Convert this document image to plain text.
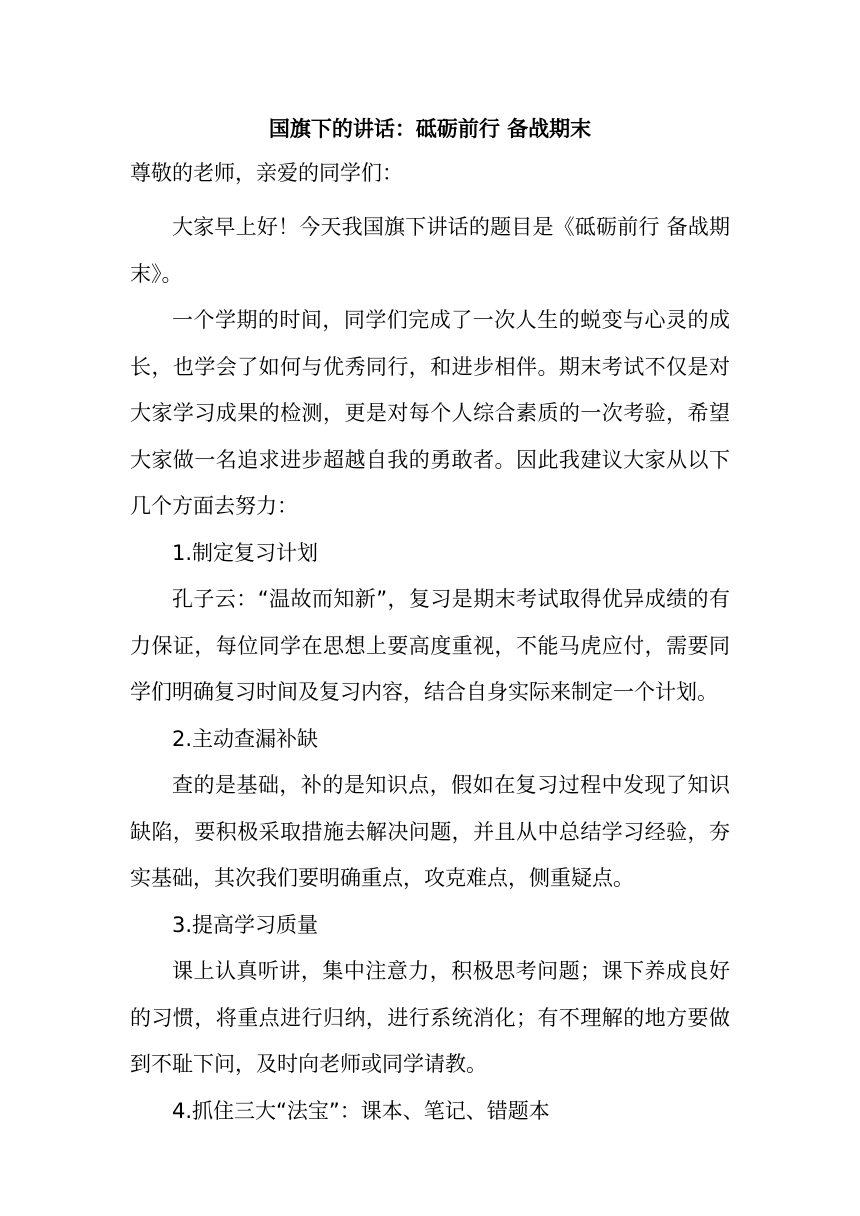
国旗下的讲话：砥砺前行 备战期末
尊敬的老师，亲爱的同学们：

大家早上好！今天我国旗下讲话的题目是《砥砺前行 备战期末》。

一个学期的时间，同学们完成了一次人生的蜕变与心灵的成长，也学会了如何与优秀同行，和进步相伴。期末考试不仅是对大家学习成果的检测，更是对每个人综合素质的一次考验，希望大家做一名追求进步超越自我的勇敢者。因此我建议大家从以下几个方面去努力：

1.制定复习计划

孔子云：“温故而知新”，复习是期末考试取得优异成绩的有力保证，每位同学在思想上要高度重视，不能马虎应付，需要同学们明确复习时间及复习内容，结合自身实际来制定一个计划。

2.主动查漏补缺

查的是基础，补的是知识点，假如在复习过程中发现了知识缺陷，要积极采取措施去解决问题，并且从中总结学习经验，夯实基础，其次我们要明确重点，攻克难点，侧重疑点。

3.提高学习质量

课上认真听讲，集中注意力，积极思考问题；课下养成良好的习惯，将重点进行归纳，进行系统消化；有不理解的地方要做到不耻下问，及时向老师或同学请教。

4.抓住三大“法宝”：课本、笔记、错题本
